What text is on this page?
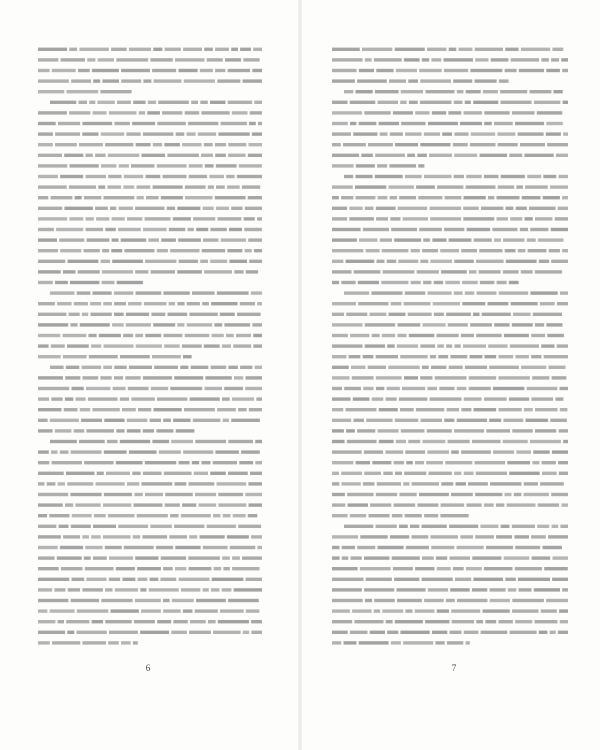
6	7
